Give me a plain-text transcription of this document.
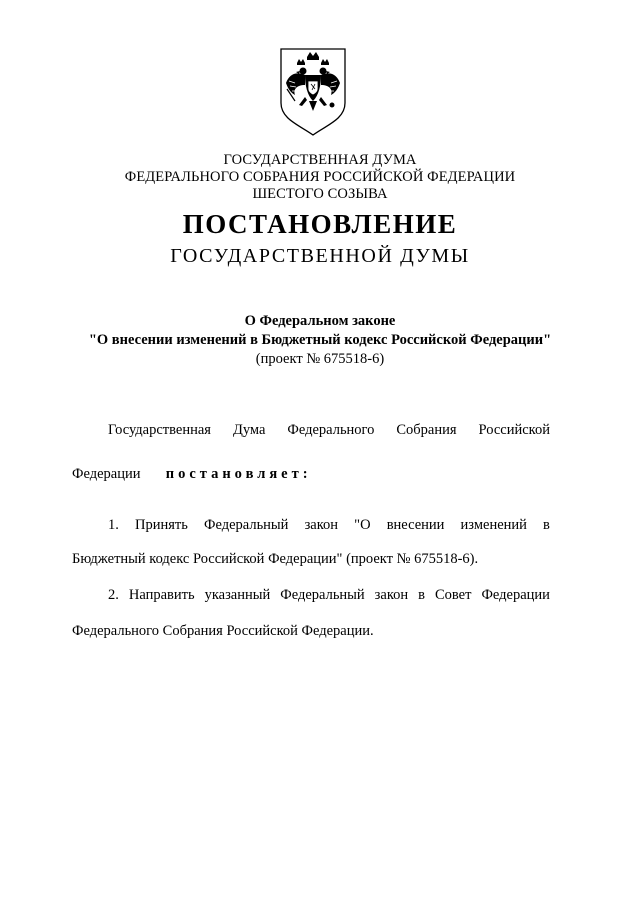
ГОСУДАРСТВЕННАЯ ДУМА
ФЕДЕРАЛЬНОГО СОБРАНИЯ РОССИЙСКОЙ ФЕДЕРАЦИИ
ШЕСТОГО СОЗЫВА
ПОСТАНОВЛЕНИЕ
ГОСУДАРСТВЕННОЙ ДУМЫ
О Федеральном законе
"О внесении изменений в Бюджетный кодекс Российской Федерации"
(проект № 675518-6)
Государственная Дума Федерального Собрания Российской
Федерации постановляет:
1. Принять Федеральный закон "О внесении изменений в
Бюджетный кодекс Российской Федерации" (проект № 675518-6).
2. Направить указанный Федеральный закон в Совет Федерации
Федерального Собрания Российской Федерации.
